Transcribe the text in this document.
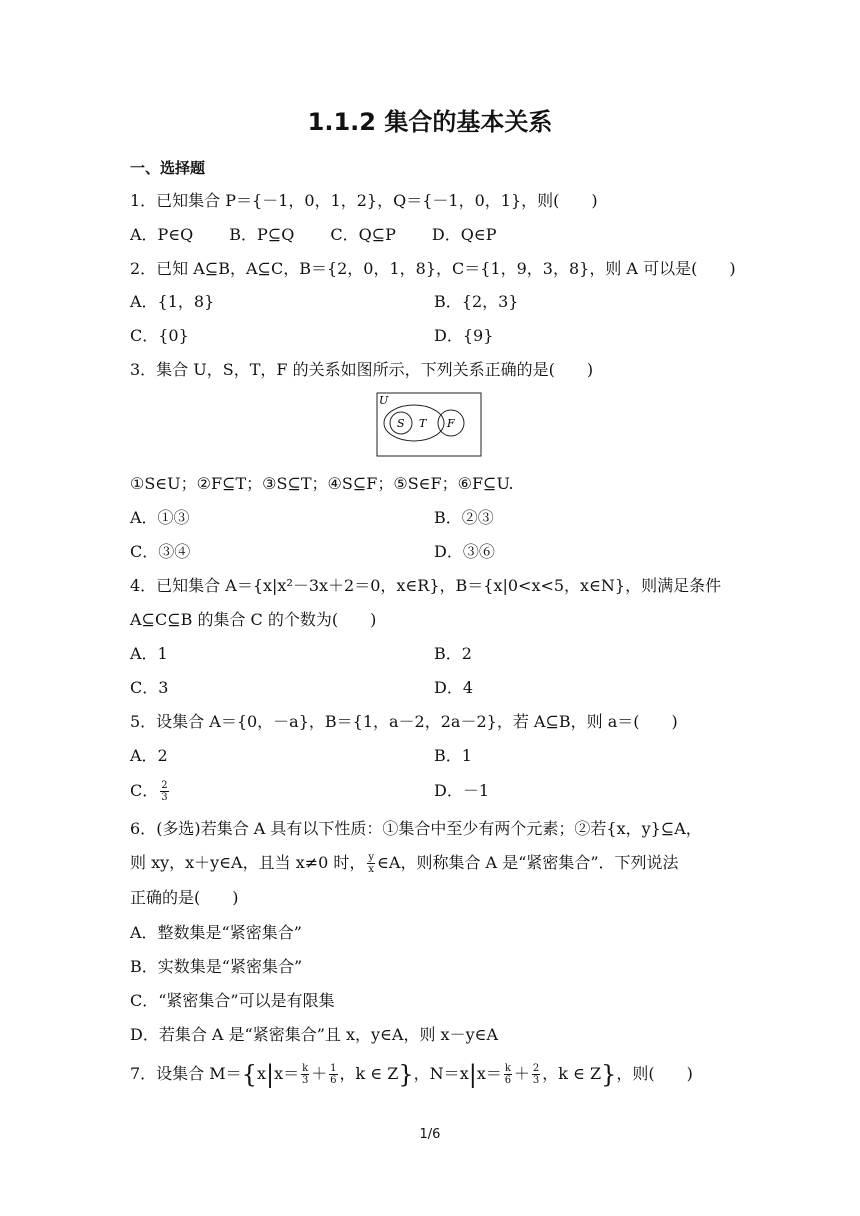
1.1.2 集合的基本关系
一、选择题
1．已知集合 P＝{－1，0，1，2}，Q＝{－1，0，1}，则(　　)
A．P∈Q B．P⊆Q C．Q⊆P D．Q∈P
2．已知 A⊆B，A⊆C，B＝{2，0，1，8}，C＝{1，9，3，8}，则 A 可以是(　　)
A．{1，8}	B．{2，3}
C．{0}	D．{9}
3．集合 U，S，T，F 的关系如图所示，下列关系正确的是(　　)
U
S T F
①S∈U；②F⊆T；③S⊆T；④S⊆F；⑤S∈F；⑥F⊆U.
A．①③	B．②③
C．③④	D．③⑥
4．已知集合 A＝{x|x²－3x＋2＝0，x∈R}，B＝{x|0<x<5，x∈N}，则满足条件
A⊆C⊆B 的集合 C 的个数为(　　)
A．1	B．2
C．3	D．4
5．设集合 A＝{0，－a}，B＝{1，a－2，2a－2}，若 A⊆B，则 a＝(　　)
A．2	B．1
C． $\frac{2}{3}$	D．－1
6．(多选)若集合 A 具有以下性质：①集合中至少有两个元素；②若{x，y}⊆A，
则 xy，x＋y∈A，且当 x≠0 时， $\frac{y}{x}$ ∈A，则称集合 A 是“紧密集合”．下列说法
正确的是(　　)
A．整数集是“紧密集合”
B．实数集是“紧密集合”
C．“紧密集合”可以是有限集
D．若集合 A 是“紧密集合”且 x，y∈A，则 x－y∈A
7．设集合 $M=\{x|x= \frac{k}{3} + \frac{1}{6}$ ，k ∈ Z}，$N=x|x= \frac{k}{6} + \frac{2}{3}$ ，k ∈ Z}，则(　　)
1/6
